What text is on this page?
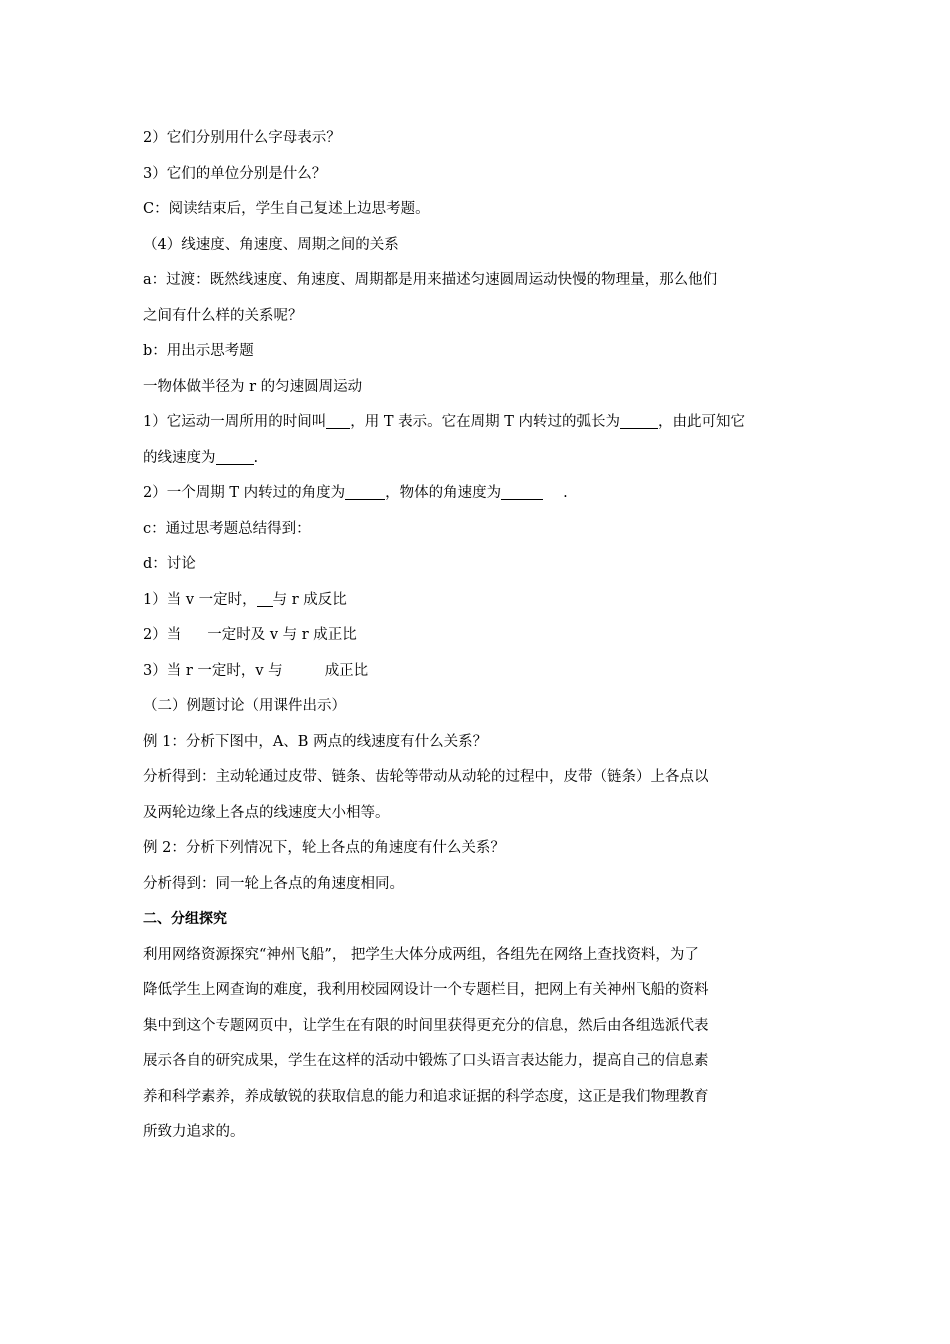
2）它们分别用什么字母表示？
3）它们的单位分别是什么？
C：阅读结束后，学生自己复述上边思考题。
（4）线速度、角速度、周期之间的关系
a：过渡：既然线速度、角速度、周期都是用来描述匀速圆周运动快慢的物理量，那么他们
之间有什么样的关系呢？
b：用出示思考题
一物体做半径为 r 的匀速圆周运动
1）它运动一周所用的时间叫 ，用 T 表示。它在周期 T 内转过的弧长为	，由此可知它
的线速度为	.
2）一个周期 T 内转过的角度为	，物体的角速度为	.
c：通过思考题总结得到：
d：讨论
1）当 v 一定时， 与 r 成反比
2）当 一定时及 v 与 r 成正比
3）当 r 一定时，v 与	成正比
（二）例题讨论（用课件出示）
例 1：分析下图中，A、B 两点的线速度有什么关系？
分析得到：主动轮通过皮带、链条、齿轮等带动从动轮的过程中，皮带（链条）上各点以
及两轮边缘上各点的线速度大小相等。
例 2：分析下列情况下，轮上各点的角速度有什么关系？
分析得到：同一轮上各点的角速度相同。
二、分组探究
利用网络资源探究“神州飞船”， 把学生大体分成两组，各组先在网络上查找资料，为了
降低学生上网查询的难度，我利用校园网设计一个专题栏目，把网上有关神州飞船的资料
集中到这个专题网页中，让学生在有限的时间里获得更充分的信息，然后由各组选派代表
展示各自的研究成果，学生在这样的活动中锻炼了口头语言表达能力，提高自己的信息素
养和科学素养，养成敏锐的获取信息的能力和追求证据的科学态度，这正是我们物理教育
所致力追求的。
